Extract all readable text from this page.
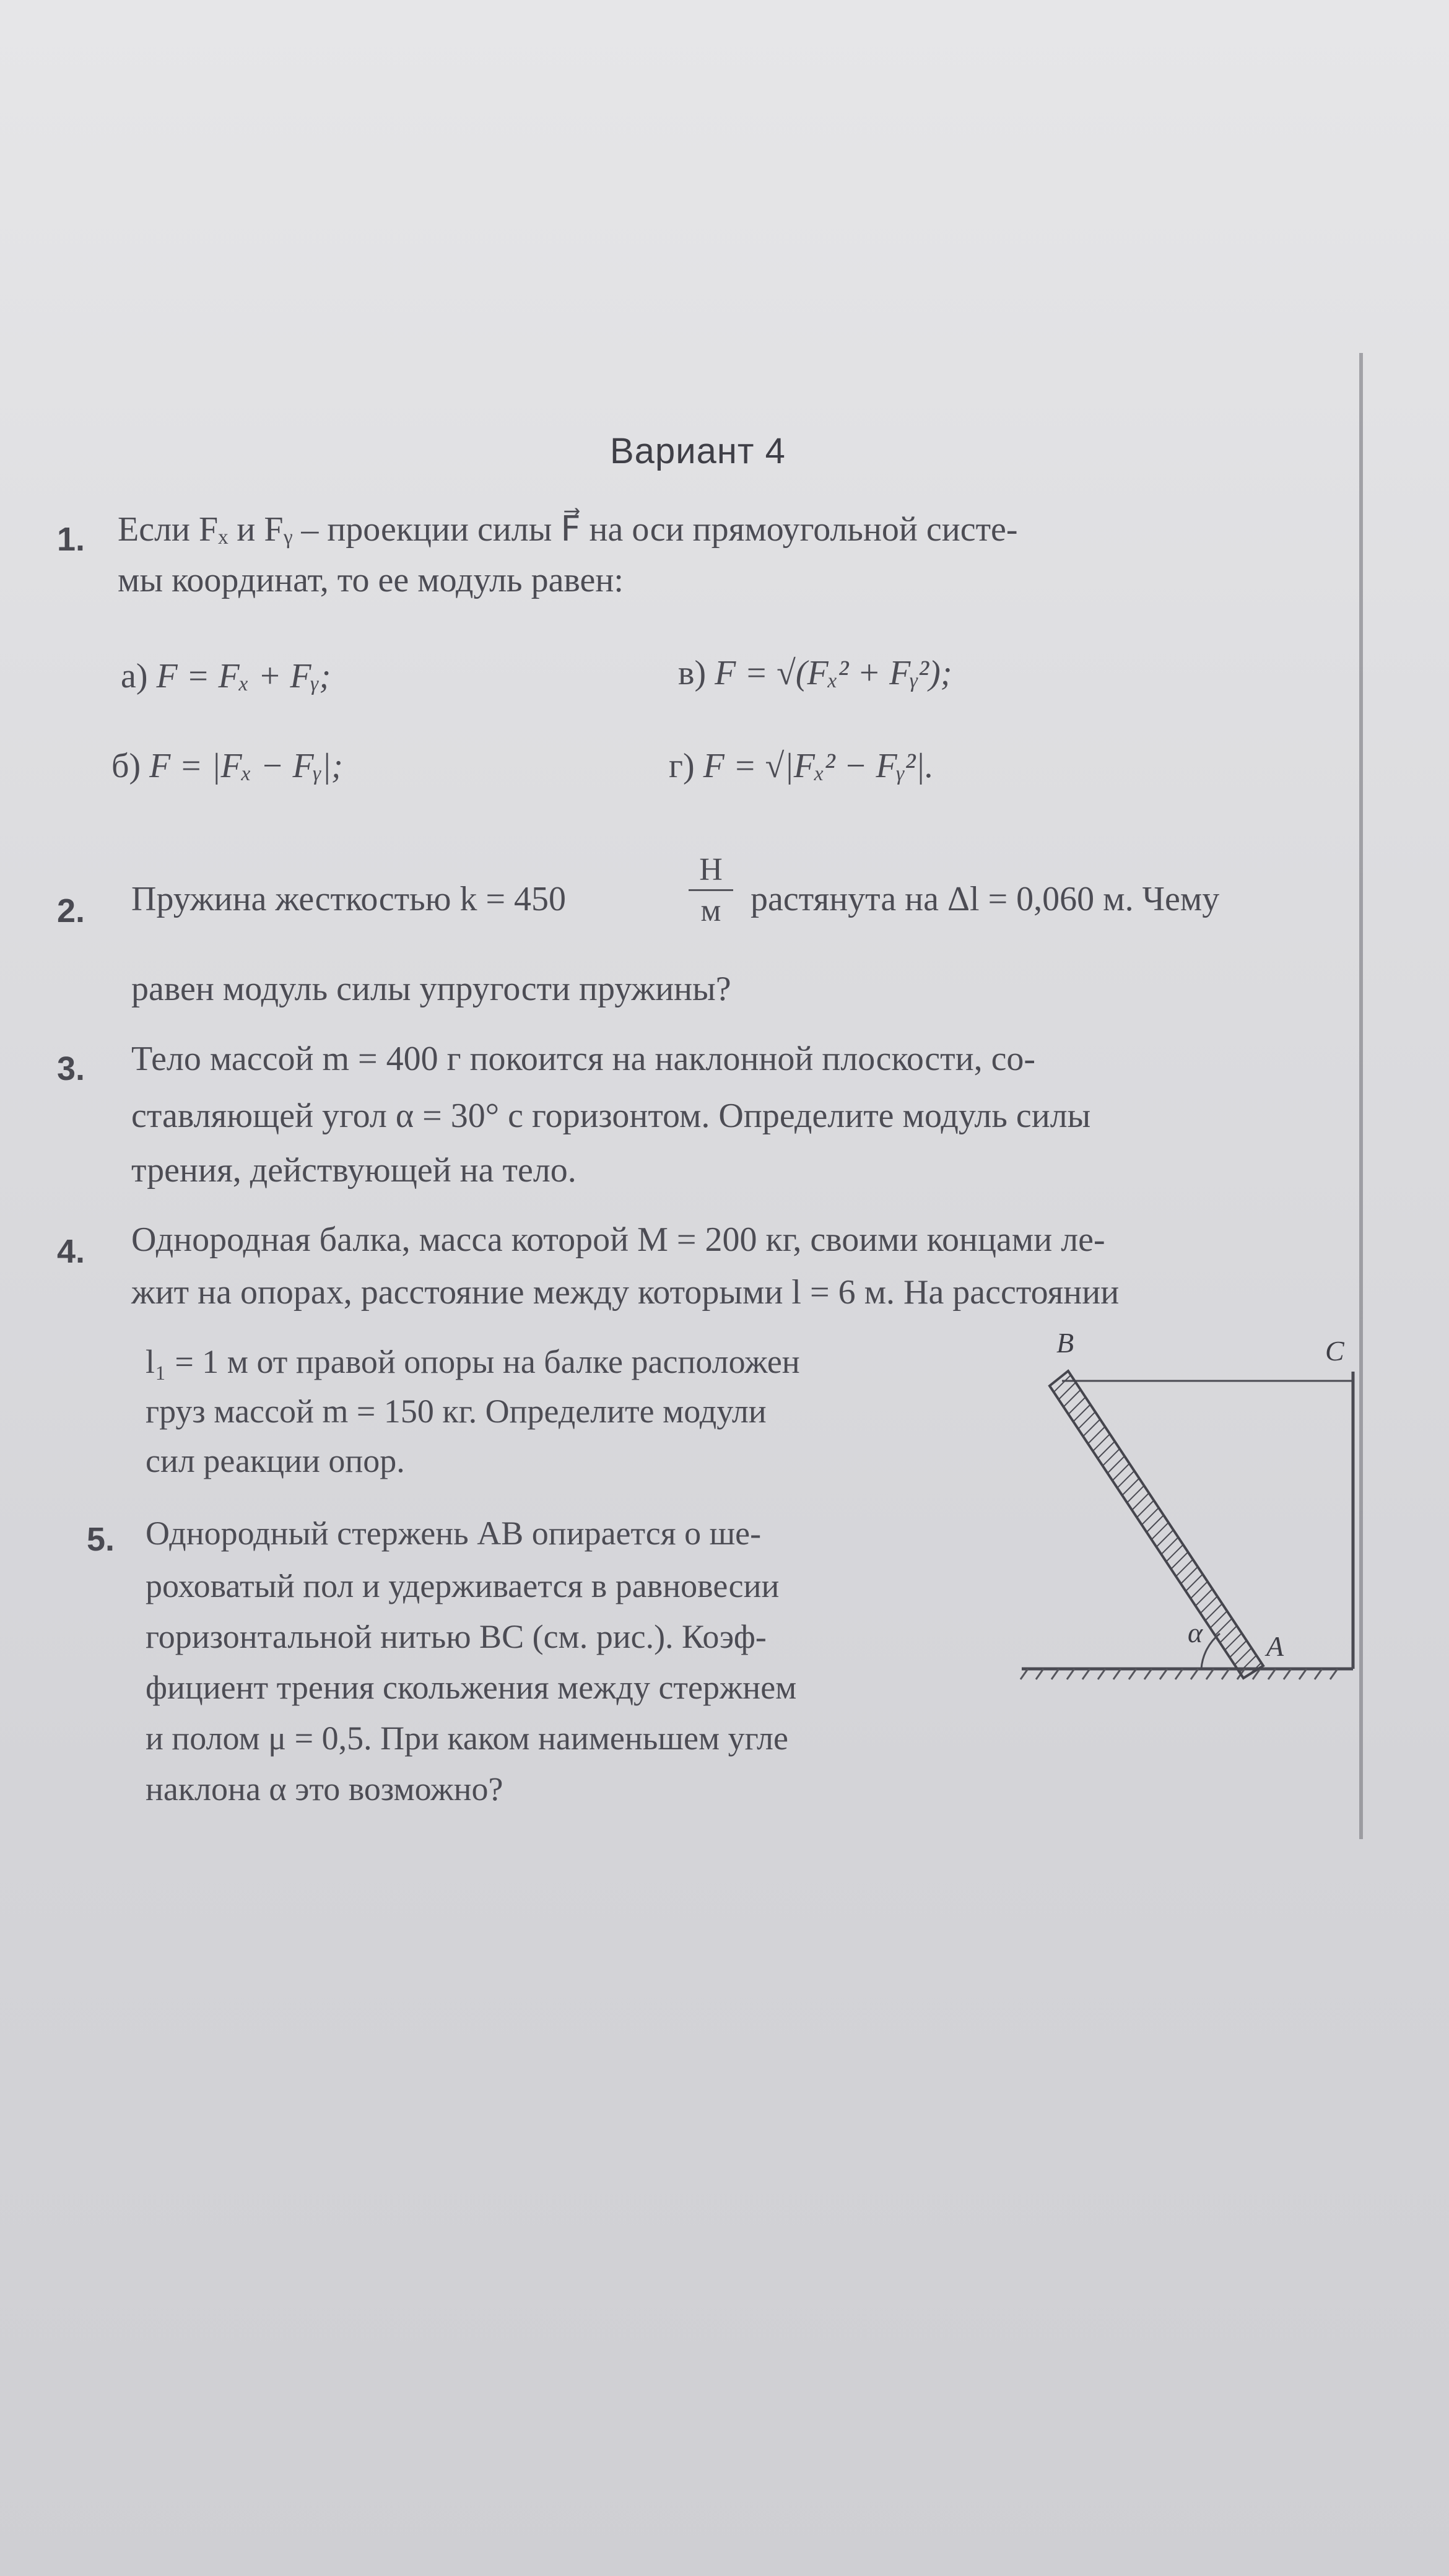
Вариант 4
1. Если Fₓ и Fᵧ – проекции силы F⃗ на оси прямоугольной систе-
мы координат, то ее модуль равен:
а) F = Fₓ + Fᵧ;	в) F = √(Fₓ² + Fᵧ²);
б) F = |Fₓ − Fᵧ|;	г) F = √|Fₓ² − Fᵧ²|.
2. Пружина жесткостью k = 450
Н
м растянута на Δl = 0,060 м. Чему
равен модуль силы упругости пружины?
3. Тело массой m = 400 г покоится на наклонной плоскости, со-
ставляющей угол α = 30° с горизонтом. Определите модуль силы
трения, действующей на тело.
4. Однородная балка, масса которой M = 200 кг, своими концами ле-
жит на опорах, расстояние между которыми l = 6 м. На расстоянии
l₁ = 1 м от правой опоры на балке расположен
груз массой m = 150 кг. Определите модули
сил реакции опор.
5. Однородный стержень AB опирается о ше-
роховатый пол и удерживается в равновесии
горизонтальной нитью BC (см. рис.). Коэф-
фициент трения скольжения между стержнем
и полом μ = 0,5. При каком наименьшем угле
наклона α это возможно?
B	C
A
α
